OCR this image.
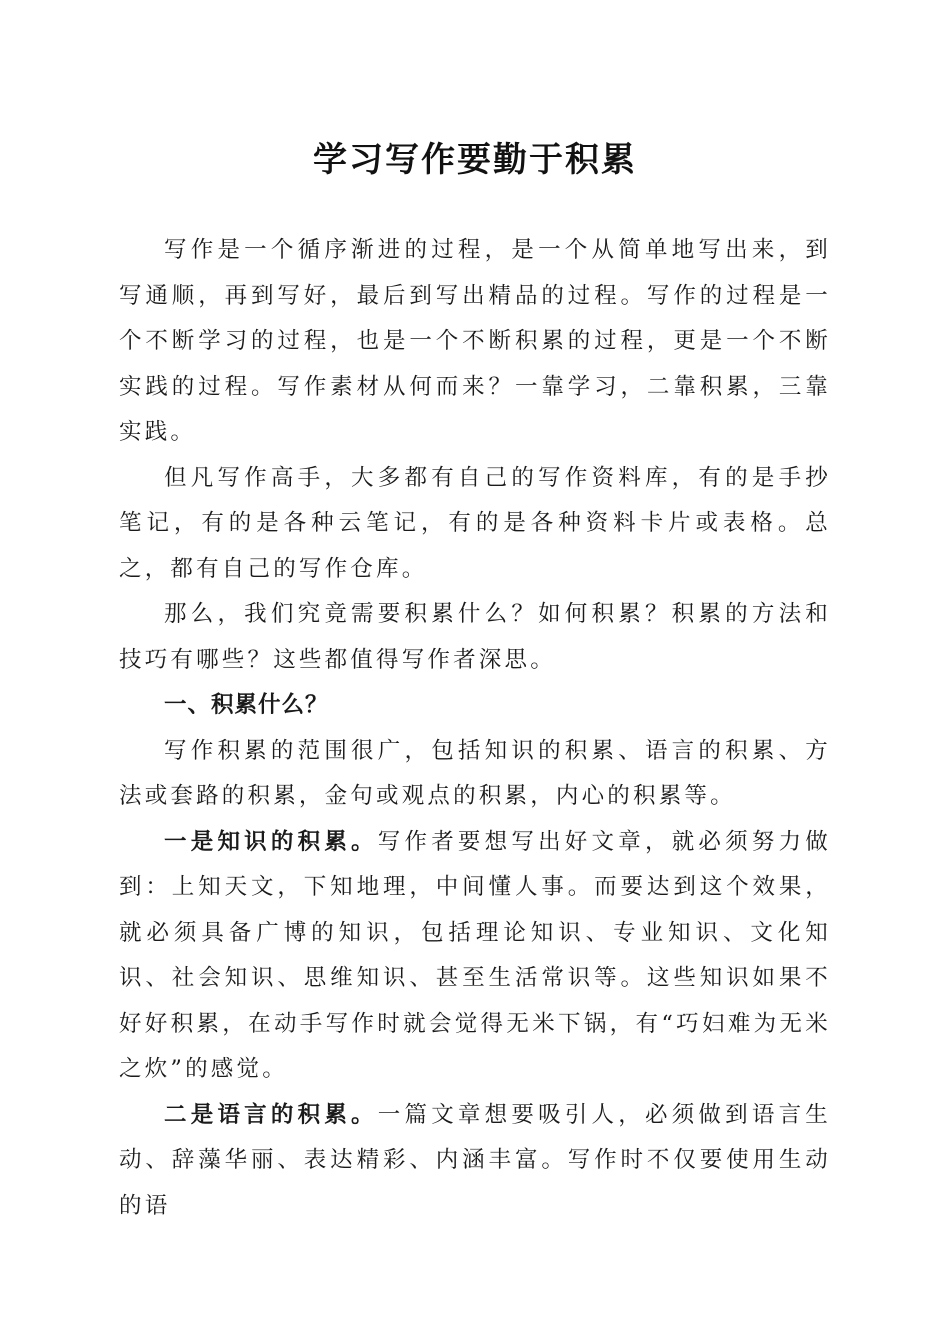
学习写作要勤于积累

写作是一个循序渐进的过程，是一个从简单地写出来，到写通顺，再到写好，最后到写出精品的过程。写作的过程是一个不断学习的过程，也是一个不断积累的过程，更是一个不断实践的过程。写作素材从何而来？一靠学习，二靠积累，三靠实践。

但凡写作高手，大多都有自己的写作资料库，有的是手抄笔记，有的是各种云笔记，有的是各种资料卡片或表格。总之，都有自己的写作仓库。

那么，我们究竟需要积累什么？如何积累？积累的方法和技巧有哪些？这些都值得写作者深思。

一、积累什么？

写作积累的范围很广，包括知识的积累、语言的积累、方法或套路的积累，金句或观点的积累，内心的积累等。

一是知识的积累。写作者要想写出好文章，就必须努力做到：上知天文，下知地理，中间懂人事。而要达到这个效果，就必须具备广博的知识，包括理论知识、专业知识、文化知识、社会知识、思维知识、甚至生活常识等。这些知识如果不好好积累，在动手写作时就会觉得无米下锅，有“巧妇难为无米之炊”的感觉。

二是语言的积累。一篇文章想要吸引人，必须做到语言生动、辞藻华丽、表达精彩、内涵丰富。写作时不仅要使用生动的语
